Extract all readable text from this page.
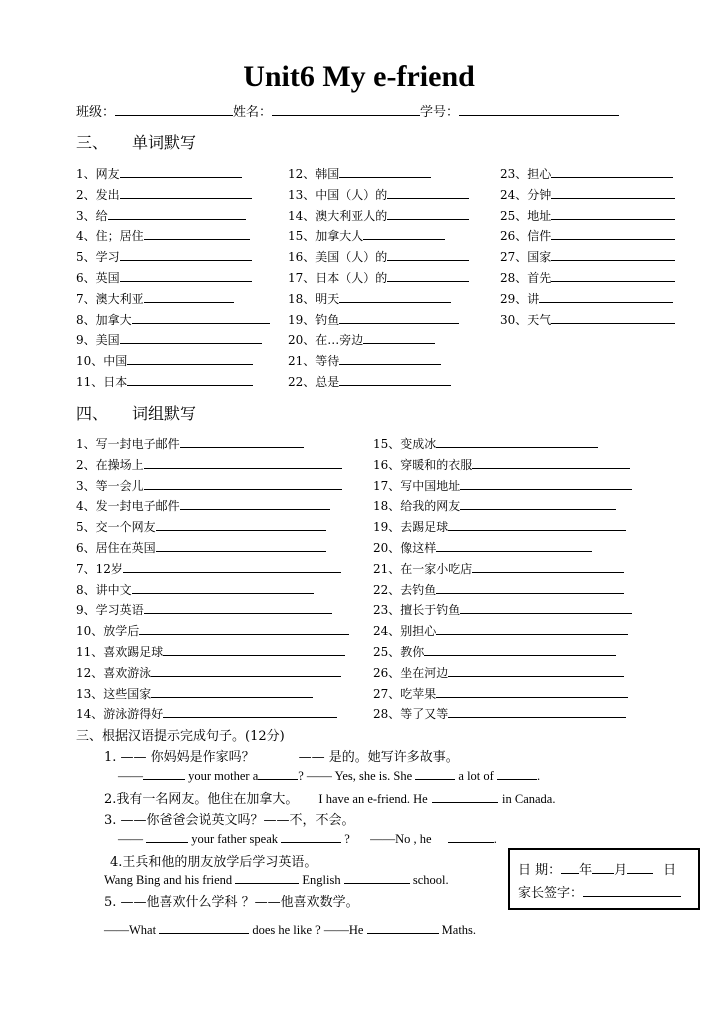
Unit6 My e-friend
班级：	姓名：	学号：
三、 单词默写
1、网友
2、发出
3、给
4、住；居住
5、学习
6、英国
7、澳大利亚
8、加拿大
9、美国
10、中国
11、日本
12、韩国
13、中国（人）的
14、澳大利亚人的
15、加拿大人
16、美国（人）的
17、日本（人）的
18、明天
19、钓鱼
20、在…旁边
21、等待
22、总是
23、担心
24、分钟
25、地址
26、信件
27、国家
28、首先
29、讲
30、天气
四、 词组默写
1、写一封电子邮件
2、在操场上
3、等一会儿
4、发一封电子邮件
5、交一个网友
6、居住在英国
7、12岁
8、讲中文
9、学习英语
10、放学后
11、喜欢踢足球
12、喜欢游泳
13、这些国家
14、游泳游得好
15、变成冰
16、穿暖和的衣服
17、写中国地址
18、给我的网友
19、去踢足球
20、像这样
21、在一家小吃店
22、去钓鱼
23、擅长于钓鱼
24、别担心
25、教你
26、坐在河边
27、吃苹果
28、等了又等
三、根据汉语提示完成句子。(12分)
1. —— 你妈妈是作家吗？	—— 是的。她写许多故事。
——	your mother a	? —— Yes, she is. She	a lot of	.
2.我有一名网友。他住在加拿大。 I have an e-friend. He	in Canada.
3. ——你爸爸会说英文吗？——不，不会。
——	your father speak	? ——No , he	.
4.王兵和他的朋友放学后学习英语。
Wang Bing and his friend	English	school.
5. ——他喜欢什么学科 ？——他喜欢数学。
——What	does he like ? ——He	Maths.
日 期： 年 月	日
家长签字：
